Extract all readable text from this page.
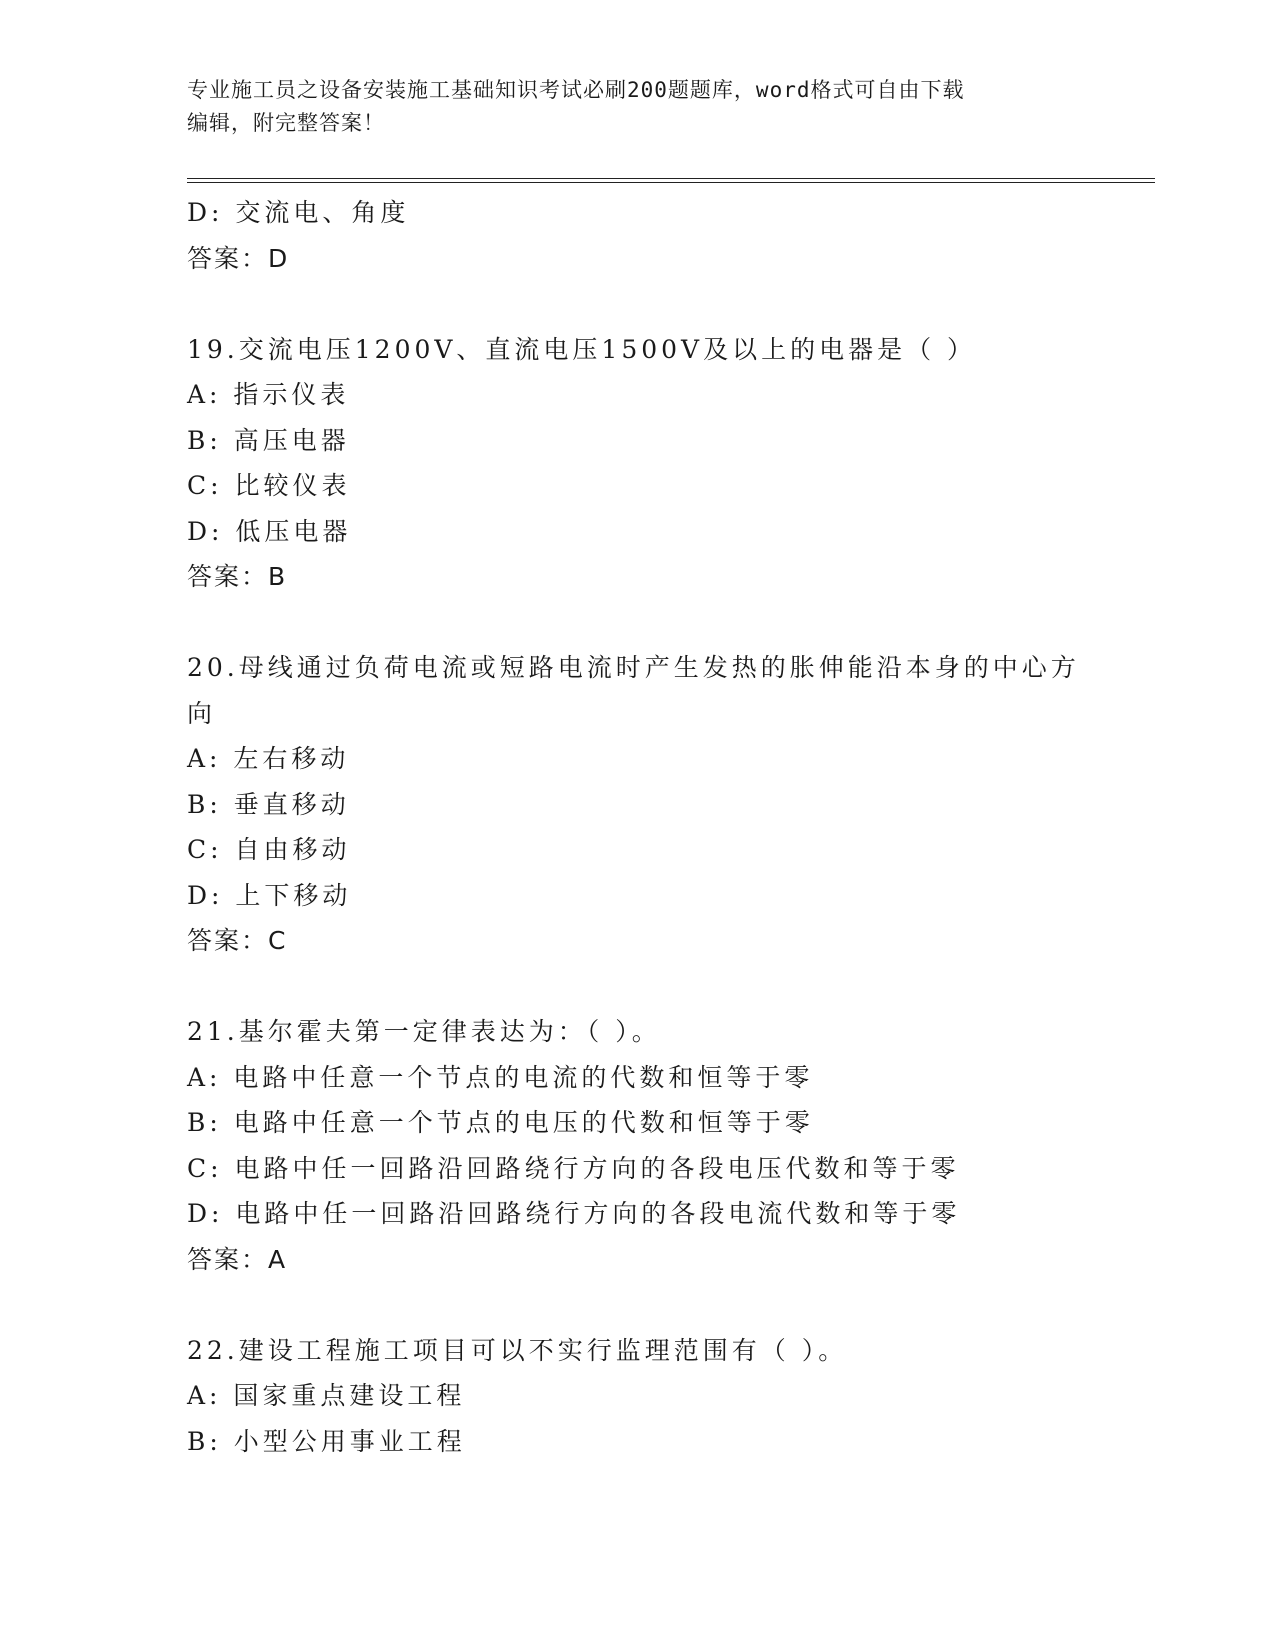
专业施工员之设备安装施工基础知识考试必刷200题题库，word格式可自由下载
编辑，附完整答案！
D: 交流电、角度
答案：D
19.交流电压1200V、直流电压1500V及以上的电器是（ ）
A: 指示仪表
B: 高压电器
C: 比较仪表
D: 低压电器
答案：B
20.母线通过负荷电流或短路电流时产生发热的胀伸能沿本身的中心方
向
A: 左右移动
B: 垂直移动
C: 自由移动
D: 上下移动
答案：C
21.基尔霍夫第一定律表达为：（ ）。
A: 电路中任意一个节点的电流的代数和恒等于零
B: 电路中任意一个节点的电压的代数和恒等于零
C: 电路中任一回路沿回路绕行方向的各段电压代数和等于零
D: 电路中任一回路沿回路绕行方向的各段电流代数和等于零
答案：A
22.建设工程施工项目可以不实行监理范围有（ ）。
A: 国家重点建设工程
B: 小型公用事业工程
